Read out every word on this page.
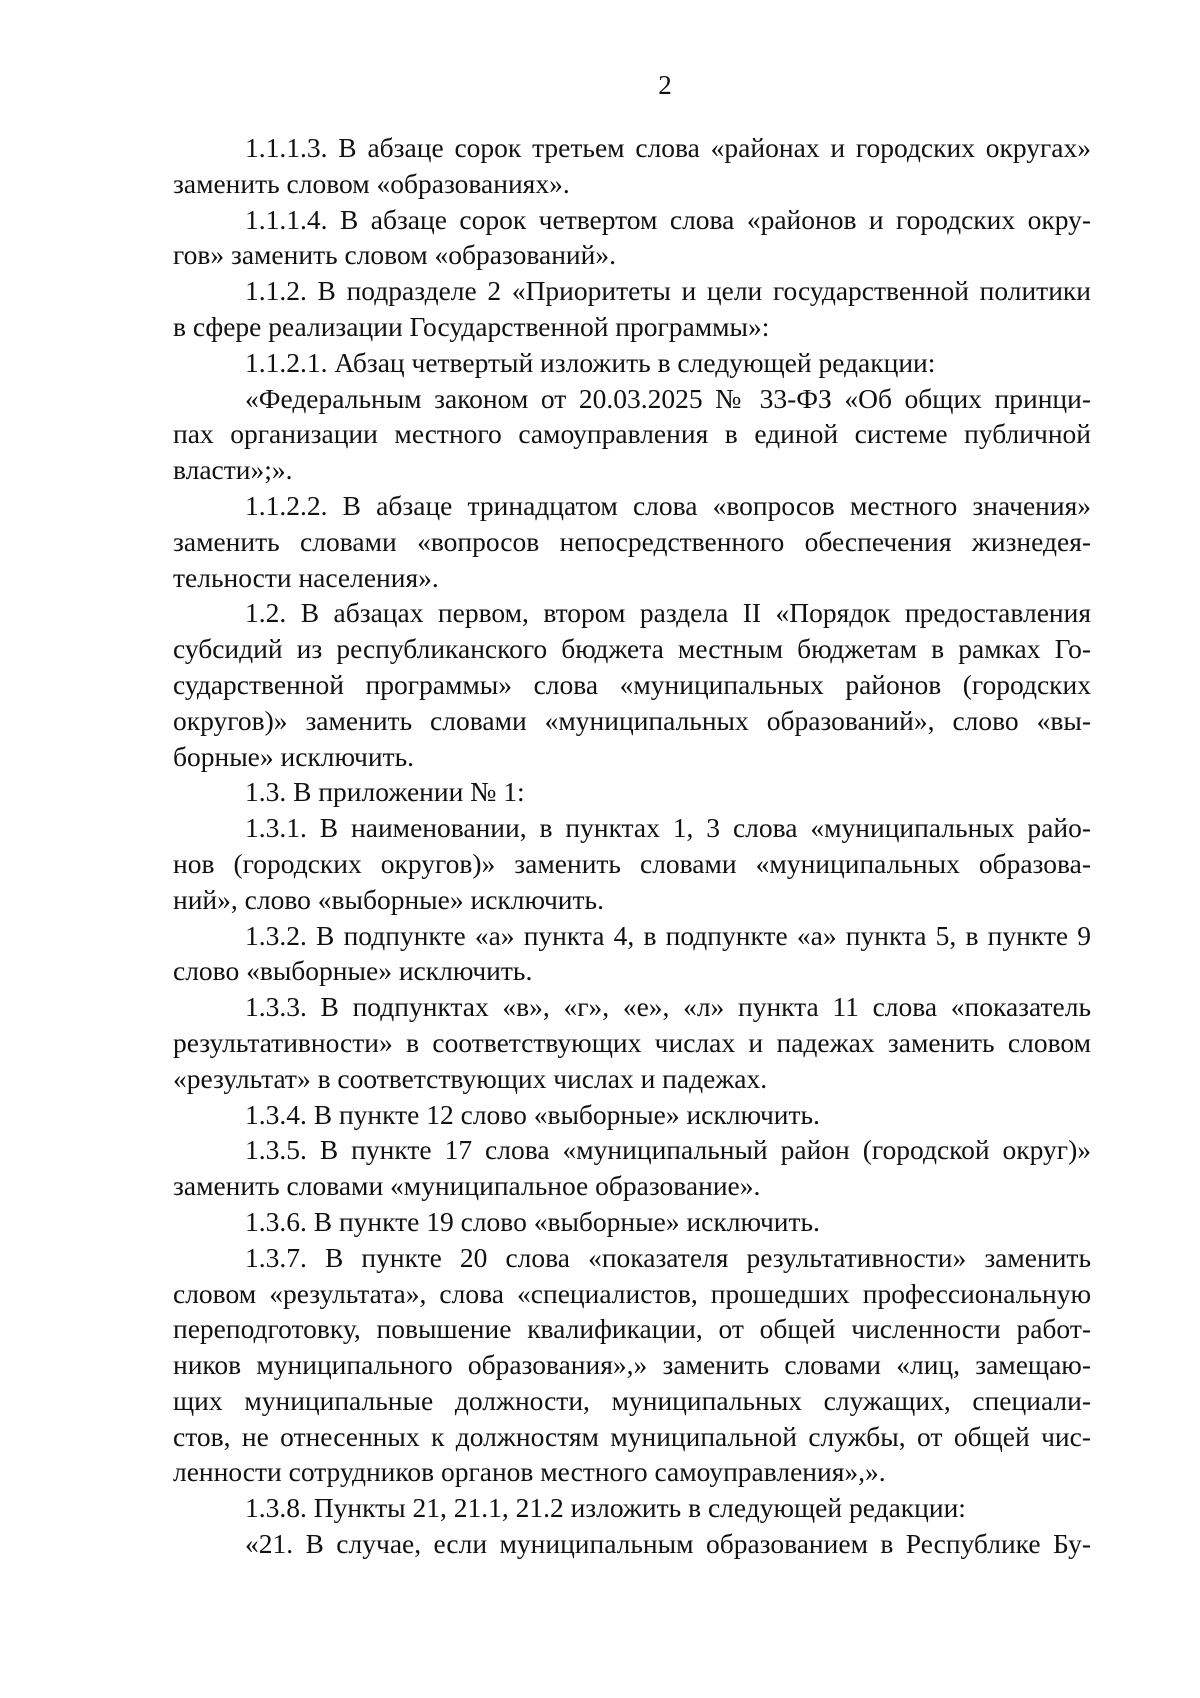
2
1.1.1.3. В абзаце сорок третьем слова «районах и городских округах»
заменить словом «образованиях».
1.1.1.4. В абзаце сорок четвертом слова «районов и городских окру-
гов» заменить словом «образований».
1.1.2. В подразделе 2 «Приоритеты и цели государственной политики
в сфере реализации Государственной программы»:
1.1.2.1. Абзац четвертый изложить в следующей редакции:
«Федеральным законом от 20.03.2025 № 33-ФЗ «Об общих принци-
пах организации местного самоуправления в единой системе публичной
власти»;».
1.1.2.2. В абзаце тринадцатом слова «вопросов местного значения»
заменить словами «вопросов непосредственного обеспечения жизнедея-
тельности населения».
1.2. В абзацах первом, втором раздела II «Порядок предоставления
субсидий из республиканского бюджета местным бюджетам в рамках Го-
сударственной программы» слова «муниципальных районов (городских
округов)» заменить словами «муниципальных образований», слово «вы-
борные» исключить.
1.3. В приложении № 1:
1.3.1. В наименовании, в пунктах 1, 3 слова «муниципальных райо-
нов (городских округов)» заменить словами «муниципальных образова-
ний», слово «выборные» исключить.
1.3.2. В подпункте «а» пункта 4, в подпункте «а» пункта 5, в пункте 9
слово «выборные» исключить.
1.3.3. В подпунктах «в», «г», «е», «л» пункта 11 слова «показатель
результативности» в соответствующих числах и падежах заменить словом
«результат» в соответствующих числах и падежах.
1.3.4. В пункте 12 слово «выборные» исключить.
1.3.5. В пункте 17 слова «муниципальный район (городской округ)»
заменить словами «муниципальное образование».
1.3.6. В пункте 19 слово «выборные» исключить.
1.3.7. В пункте 20 слова «показателя результативности» заменить
словом «результата», слова «специалистов, прошедших профессиональную
переподготовку, повышение квалификации, от общей численности работ-
ников муниципального образования»,» заменить словами «лиц, замещаю-
щих муниципальные должности, муниципальных служащих, специали-
стов, не отнесенных к должностям муниципальной службы, от общей чис-
ленности сотрудников органов местного самоуправления»,».
1.3.8. Пункты 21, 21.1, 21.2 изложить в следующей редакции:
«21. В случае, если муниципальным образованием в Республике Бу-
